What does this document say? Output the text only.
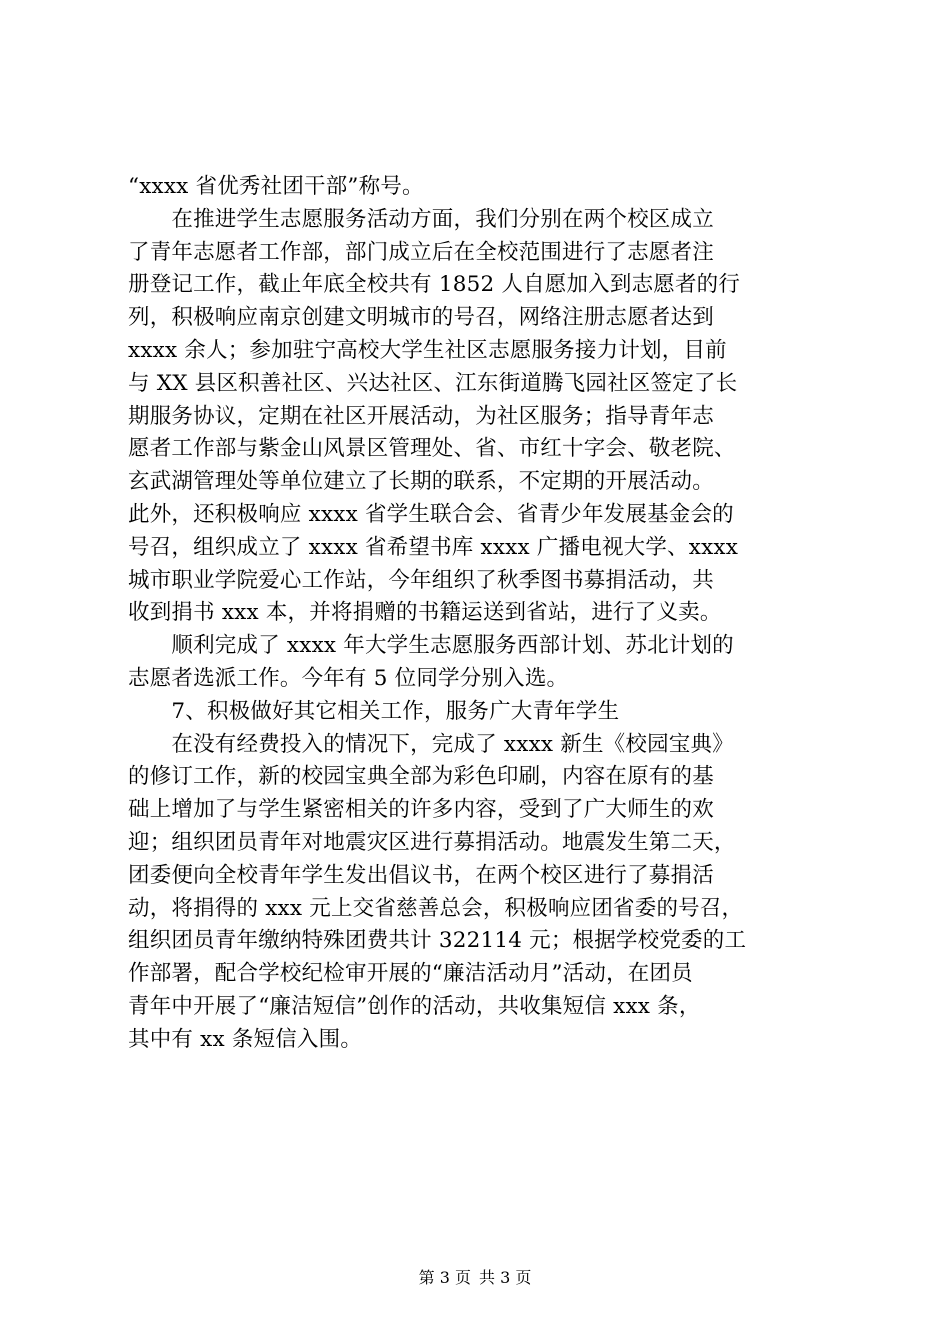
“xxxx 省优秀社团干部”称号。
　　在推进学生志愿服务活动方面，我们分别在两个校区成立
了青年志愿者工作部，部门成立后在全校范围进行了志愿者注
册登记工作，截止年底全校共有 1852 人自愿加入到志愿者的行
列，积极响应南京创建文明城市的号召，网络注册志愿者达到
xxxx 余人；参加驻宁高校大学生社区志愿服务接力计划，目前
与 XX 县区积善社区、兴达社区、江东街道腾飞园社区签定了长
期服务协议，定期在社区开展活动，为社区服务；指导青年志
愿者工作部与紫金山风景区管理处、省、市红十字会、敬老院、
玄武湖管理处等单位建立了长期的联系，不定期的开展活动。
此外，还积极响应 xxxx 省学生联合会、省青少年发展基金会的
号召，组织成立了 xxxx 省希望书库 xxxx 广播电视大学、xxxx
城市职业学院爱心工作站，今年组织了秋季图书募捐活动，共
收到捐书 xxx 本，并将捐赠的书籍运送到省站，进行了义卖。
　　顺利完成了 xxxx 年大学生志愿服务西部计划、苏北计划的
志愿者选派工作。今年有 5 位同学分别入选。
　　7、积极做好其它相关工作，服务广大青年学生
　　在没有经费投入的情况下，完成了 xxxx 新生《校园宝典》
的修订工作，新的校园宝典全部为彩色印刷，内容在原有的基
础上增加了与学生紧密相关的许多内容，受到了广大师生的欢
迎；组织团员青年对地震灾区进行募捐活动。地震发生第二天，
团委便向全校青年学生发出倡议书，在两个校区进行了募捐活
动，将捐得的 xxx 元上交省慈善总会，积极响应团省委的号召，
组织团员青年缴纳特殊团费共计 322114 元；根据学校党委的工
作部署，配合学校纪检审开展的“廉洁活动月”活动，在团员
青年中开展了“廉洁短信”创作的活动，共收集短信 xxx 条，
其中有 xx 条短信入围。
第 3 页 共 3 页
